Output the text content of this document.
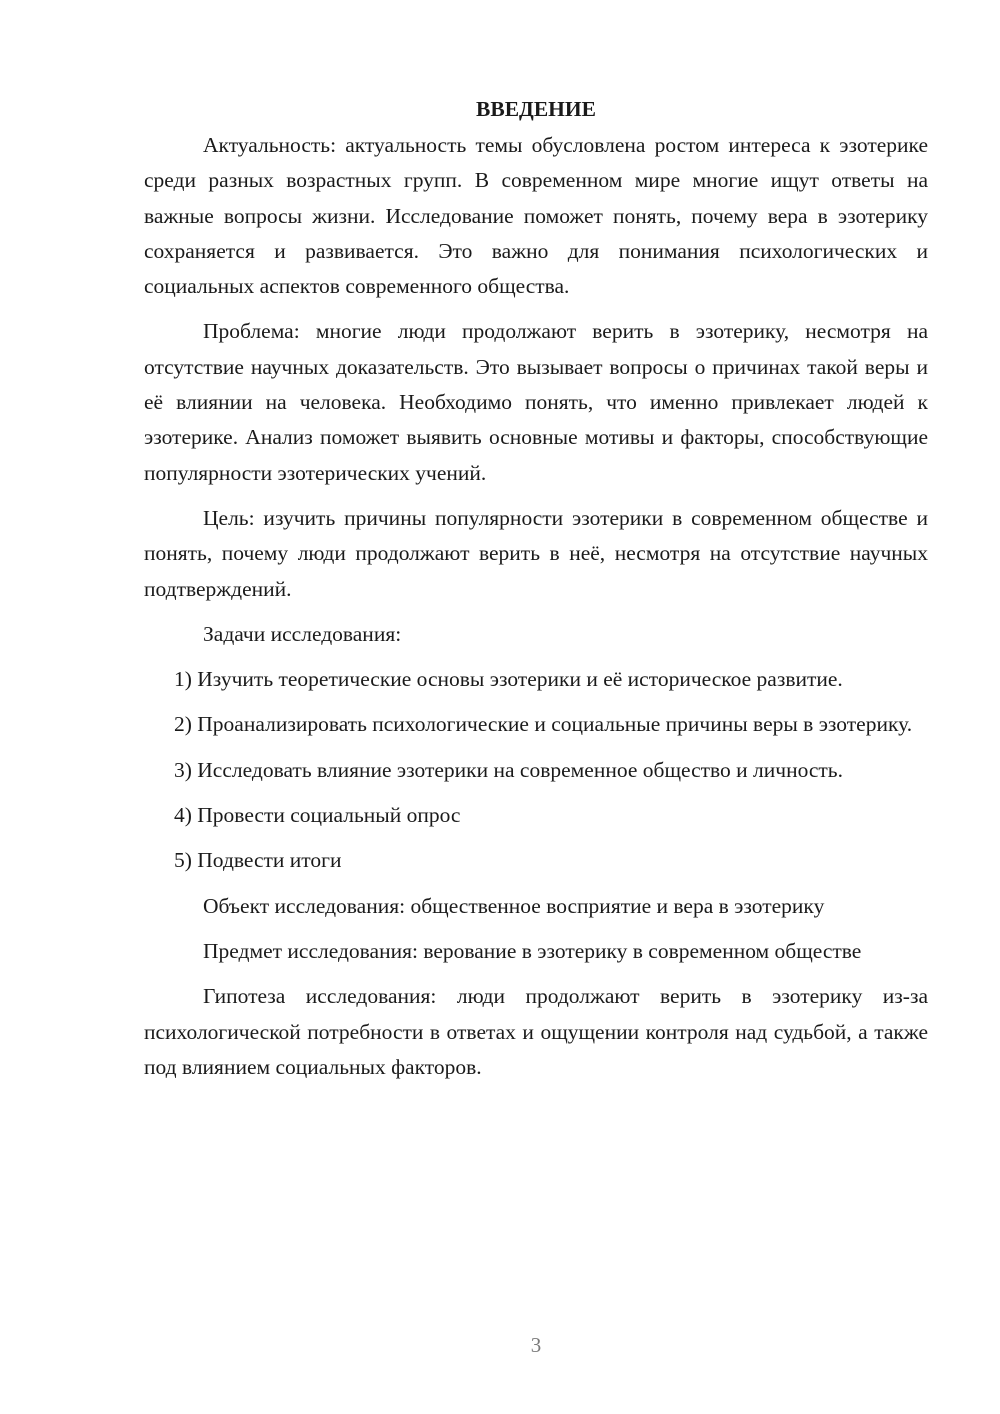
ВВЕДЕНИЕ

Актуальность: актуальность темы обусловлена ростом интереса к эзотерике среди разных возрастных групп. В современном мире многие ищут ответы на важные вопросы жизни. Исследование поможет понять, почему вера в эзотерику сохраняется и развивается. Это важно для понимания психологических и социальных аспектов современного общества.

Проблема: многие люди продолжают верить в эзотерику, несмотря на отсутствие научных доказательств. Это вызывает вопросы о причинах такой веры и её влиянии на человека. Необходимо понять, что именно привлекает людей к эзотерике. Анализ поможет выявить основные мотивы и факторы, способствующие популярности эзотерических учений.

Цель: изучить причины популярности эзотерики в современном обществе и понять, почему люди продолжают верить в неё, несмотря на отсутствие научных подтверждений.

Задачи исследования:

1) Изучить теоретические основы эзотерики и её историческое развитие.

2) Проанализировать психологические и социальные причины веры в эзотерику.

3) Исследовать влияние эзотерики на современное общество и личность.

4) Провести социальный опрос

5) Подвести итоги

Объект исследования: общественное восприятие и вера в эзотерику

Предмет исследования: верование в эзотерику в современном обществе

Гипотеза исследования: люди продолжают верить в эзотерику из-за психологической потребности в ответах и ощущении контроля над судьбой, а также под влиянием социальных факторов.

3
